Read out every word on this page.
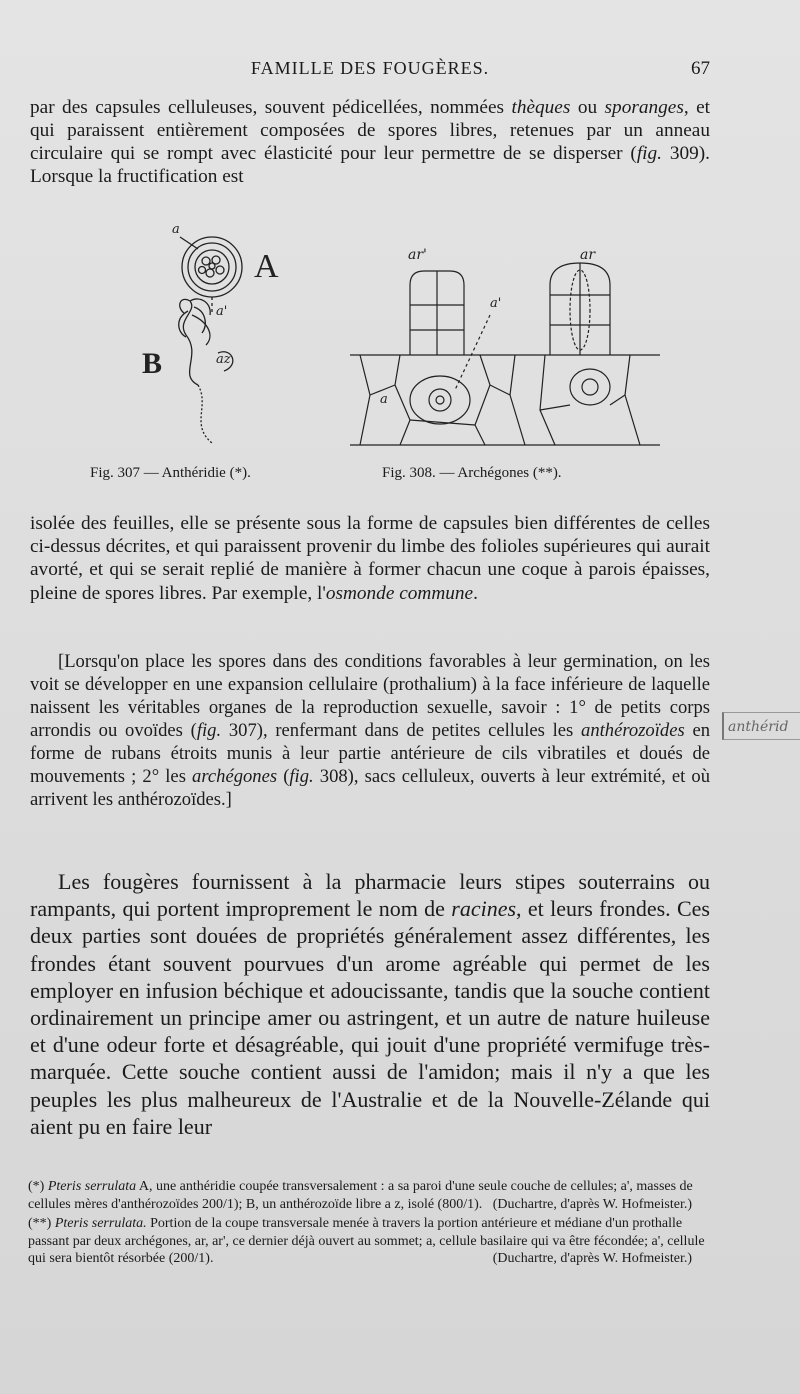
FAMILLE DES FOUGÈRES.	67

par des capsules celluleuses, souvent pédicellées, nommées thèques ou sporanges, et qui paraissent entièrement composées de spores libres, retenues par un anneau circulaire qui se rompt avec élasticité pour leur permettre de se disperser (fig. 309). Lorsque la fructification est

a
A
a'
B	az
ar'	ar
a'
a
Fig. 307 — Anthéridie (*).	Fig. 308. — Archégones (**).

isolée des feuilles, elle se présente sous la forme de capsules bien différentes de celles ci-dessus décrites, et qui paraissent provenir du limbe des folioles supérieures qui aurait avorté, et qui se serait replié de manière à former chacun une coque à parois épaisses, pleine de spores libres. Par exemple, l'osmonde commune.

[Lorsqu'on place les spores dans des conditions favorables à leur germination, on les voit se développer en une expansion cellulaire (prothalium) à la face inférieure de laquelle naissent les véritables organes de la reproduction sexuelle, savoir : 1° de petits corps arrondis ou ovoïdes (fig. 307), renfermant dans de petites cellules les anthérozoïdes en forme de rubans étroits munis à leur partie antérieure de cils vibratiles et doués de mouvements ; 2° les archégones (fig. 308), sacs celluleux, ouverts à leur extrémité, et où arrivent les anthérozoïdes.]

anthérid

Les fougères fournissent à la pharmacie leurs stipes souterrains ou rampants, qui portent improprement le nom de racines, et leurs frondes. Ces deux parties sont douées de propriétés généralement assez différentes, les frondes étant souvent pourvues d'un arome agréable qui permet de les employer en infusion béchique et adoucissante, tandis que la souche contient ordinairement un principe amer ou astringent, et un autre de nature huileuse et d'une odeur forte et désagréable, qui jouit d'une propriété vermifuge très-marquée. Cette souche contient aussi de l'amidon; mais il n'y a que les peuples les plus malheureux de l'Australie et de la Nouvelle-Zélande qui aient pu en faire leur

(*) Pteris serrulata A, une anthéridie coupée transversalement : a sa paroi d'une seule couche de cellules; a', masses de cellules mères d'anthérozoïdes 200/1); B, un anthérozoïde libre a z, isolé (800/1). (Duchartre, d'après W. Hofmeister.)
(**) Pteris serrulata. Portion de la coupe transversale menée à travers la portion antérieure et médiane d'un prothalle passant par deux archégones, ar, ar', ce dernier déjà ouvert au sommet; a, cellule basilaire qui va être fécondée; a', cellule qui sera bientôt résorbée (200/1).	(Duchartre, d'après W. Hofmeister.)
